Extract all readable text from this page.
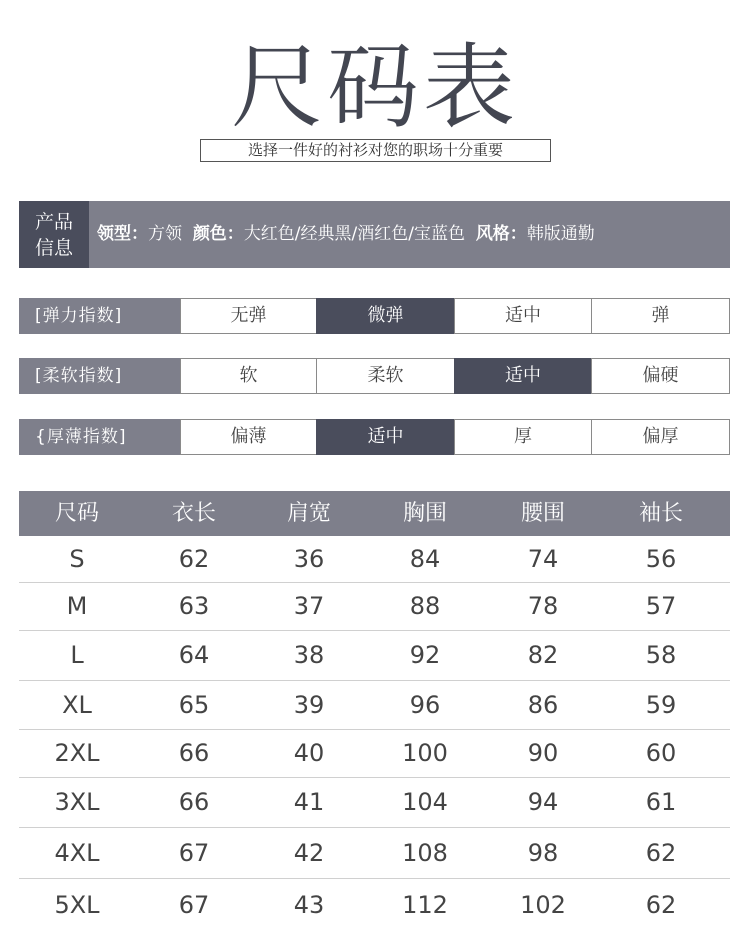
尺码表
选择一件好的衬衫对您的职场十分重要
产品
信息
领型：方领 颜色：大红色/经典黑/酒红色/宝蓝色 风格：韩版通勤
[弹力指数]	无弹	微弹	适中	弹
[柔软指数]	软	柔软	适中	偏硬
{厚薄指数]	偏薄	适中	厚	偏厚
尺码	衣长	肩宽	胸围	腰围	袖长
S	62	36	84	74	56
M	63	37	88	78	57
L	64	38	92	82	58
XL	65	39	96	86	59
2XL	66	40	100	90	60
3XL	66	41	104	94	61
4XL	67	42	108	98	62
5XL	67	43	112	102	62
